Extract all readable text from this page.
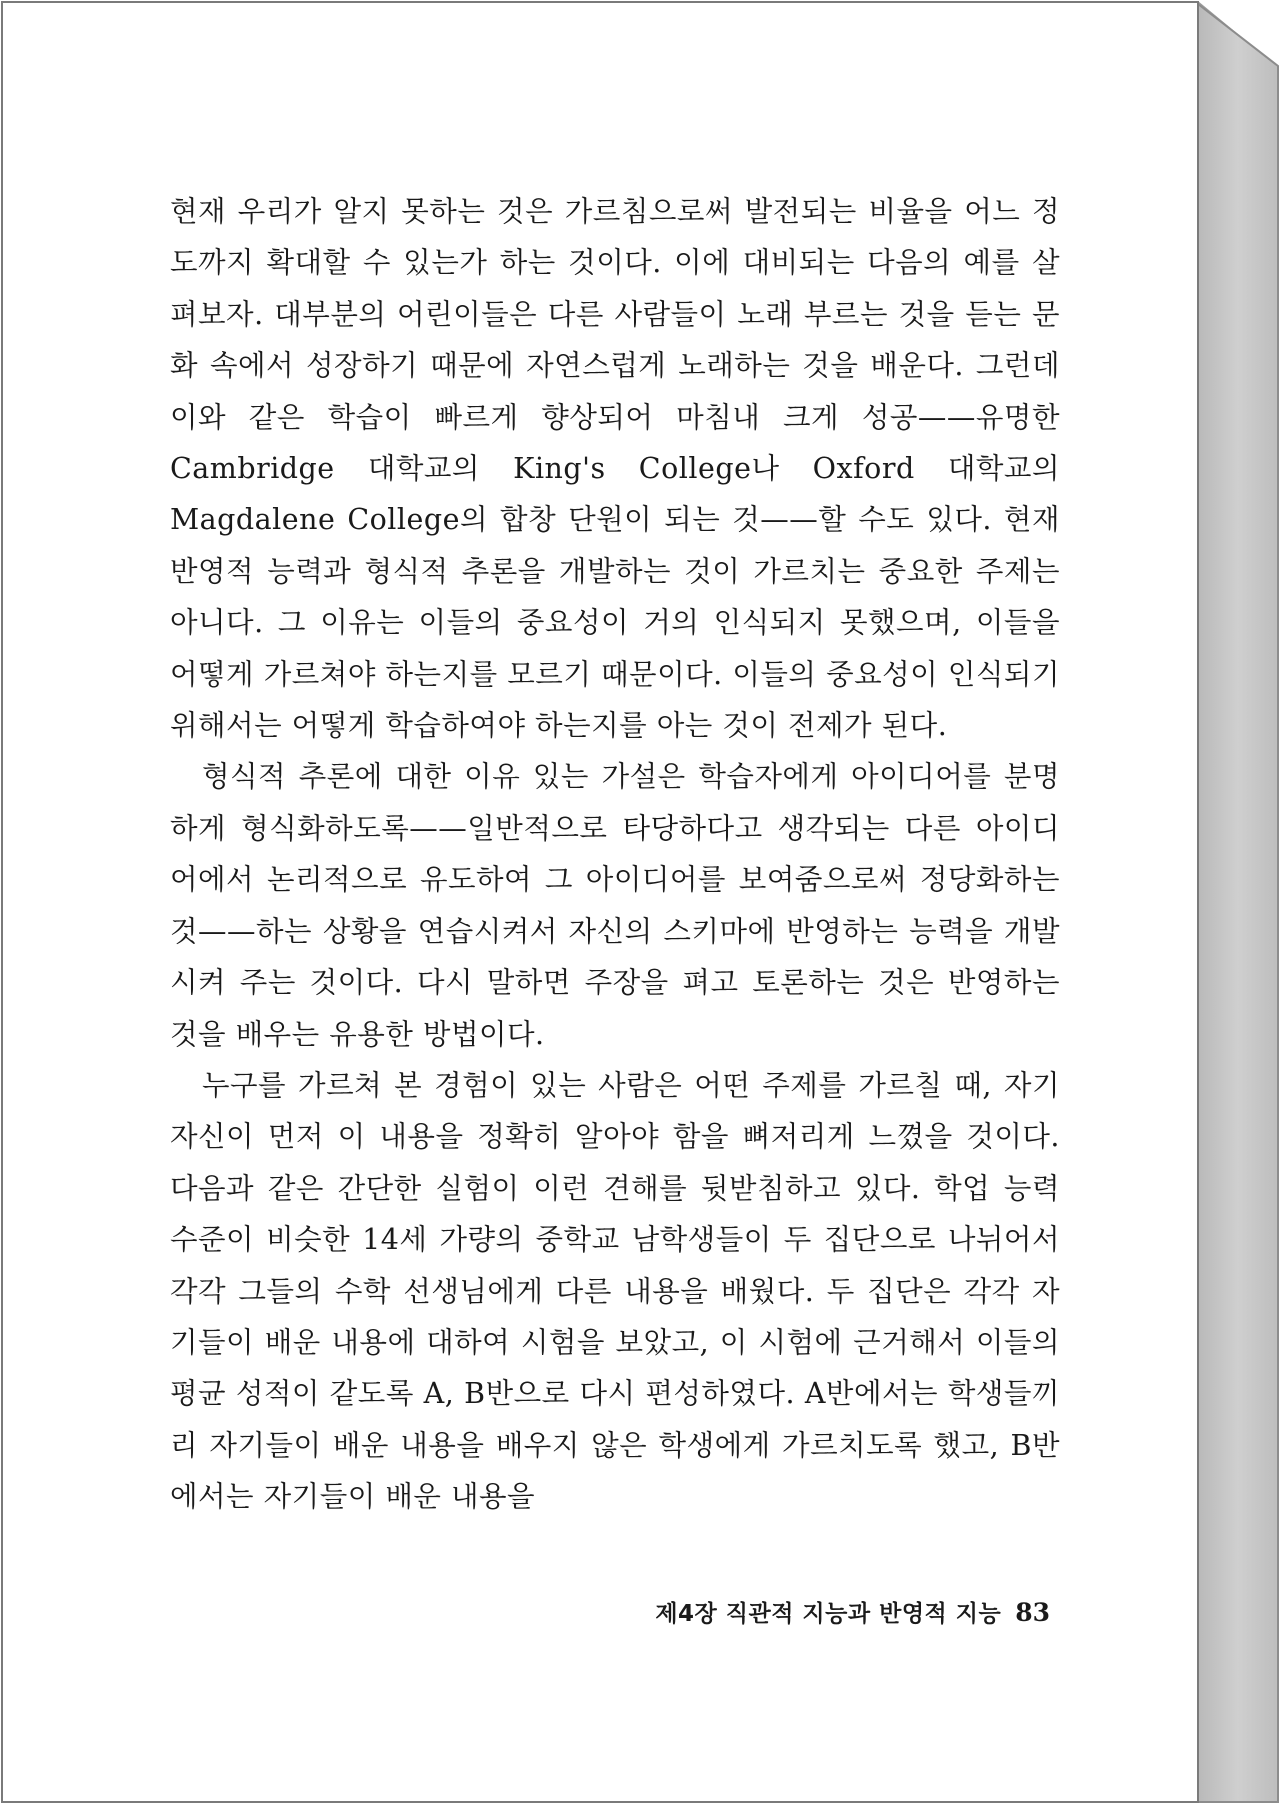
현재 우리가 알지 못하는 것은 가르침으로써 발전되는 비율을 어느 정도까지 확대할 수 있는가 하는 것이다. 이에 대비되는 다음의 예를 살펴보자. 대부분의 어린이들은 다른 사람들이 노래 부르는 것을 듣는 문화 속에서 성장하기 때문에 자연스럽게 노래하는 것을 배운다. 그런데 이와 같은 학습이 빠르게 향상되어 마침내 크게 성공——유명한 Cambridge 대학교의 King's College나 Oxford 대학교의 Magdalene College의 합창 단원이 되는 것——할 수도 있다. 현재 반영적 능력과 형식적 추론을 개발하는 것이 가르치는 중요한 주제는 아니다. 그 이유는 이들의 중요성이 거의 인식되지 못했으며, 이들을 어떻게 가르쳐야 하는지를 모르기 때문이다. 이들의 중요성이 인식되기 위해서는 어떻게 학습하여야 하는지를 아는 것이 전제가 된다.

형식적 추론에 대한 이유 있는 가설은 학습자에게 아이디어를 분명하게 형식화하도록——일반적으로 타당하다고 생각되는 다른 아이디어에서 논리적으로 유도하여 그 아이디어를 보여줌으로써 정당화하는 것——하는 상황을 연습시켜서 자신의 스키마에 반영하는 능력을 개발시켜 주는 것이다. 다시 말하면 주장을 펴고 토론하는 것은 반영하는 것을 배우는 유용한 방법이다.

누구를 가르쳐 본 경험이 있는 사람은 어떤 주제를 가르칠 때, 자기 자신이 먼저 이 내용을 정확히 알아야 함을 뼈저리게 느꼈을 것이다. 다음과 같은 간단한 실험이 이런 견해를 뒷받침하고 있다. 학업 능력 수준이 비슷한 14세 가량의 중학교 남학생들이 두 집단으로 나뉘어서 각각 그들의 수학 선생님에게 다른 내용을 배웠다. 두 집단은 각각 자기들이 배운 내용에 대하여 시험을 보았고, 이 시험에 근거해서 이들의 평균 성적이 같도록 A, B반으로 다시 편성하였다. A반에서는 학생들끼리 자기들이 배운 내용을 배우지 않은 학생에게 가르치도록 했고, B반에서는 자기들이 배운 내용을

제4장 직관적 지능과 반영적 지능 83
